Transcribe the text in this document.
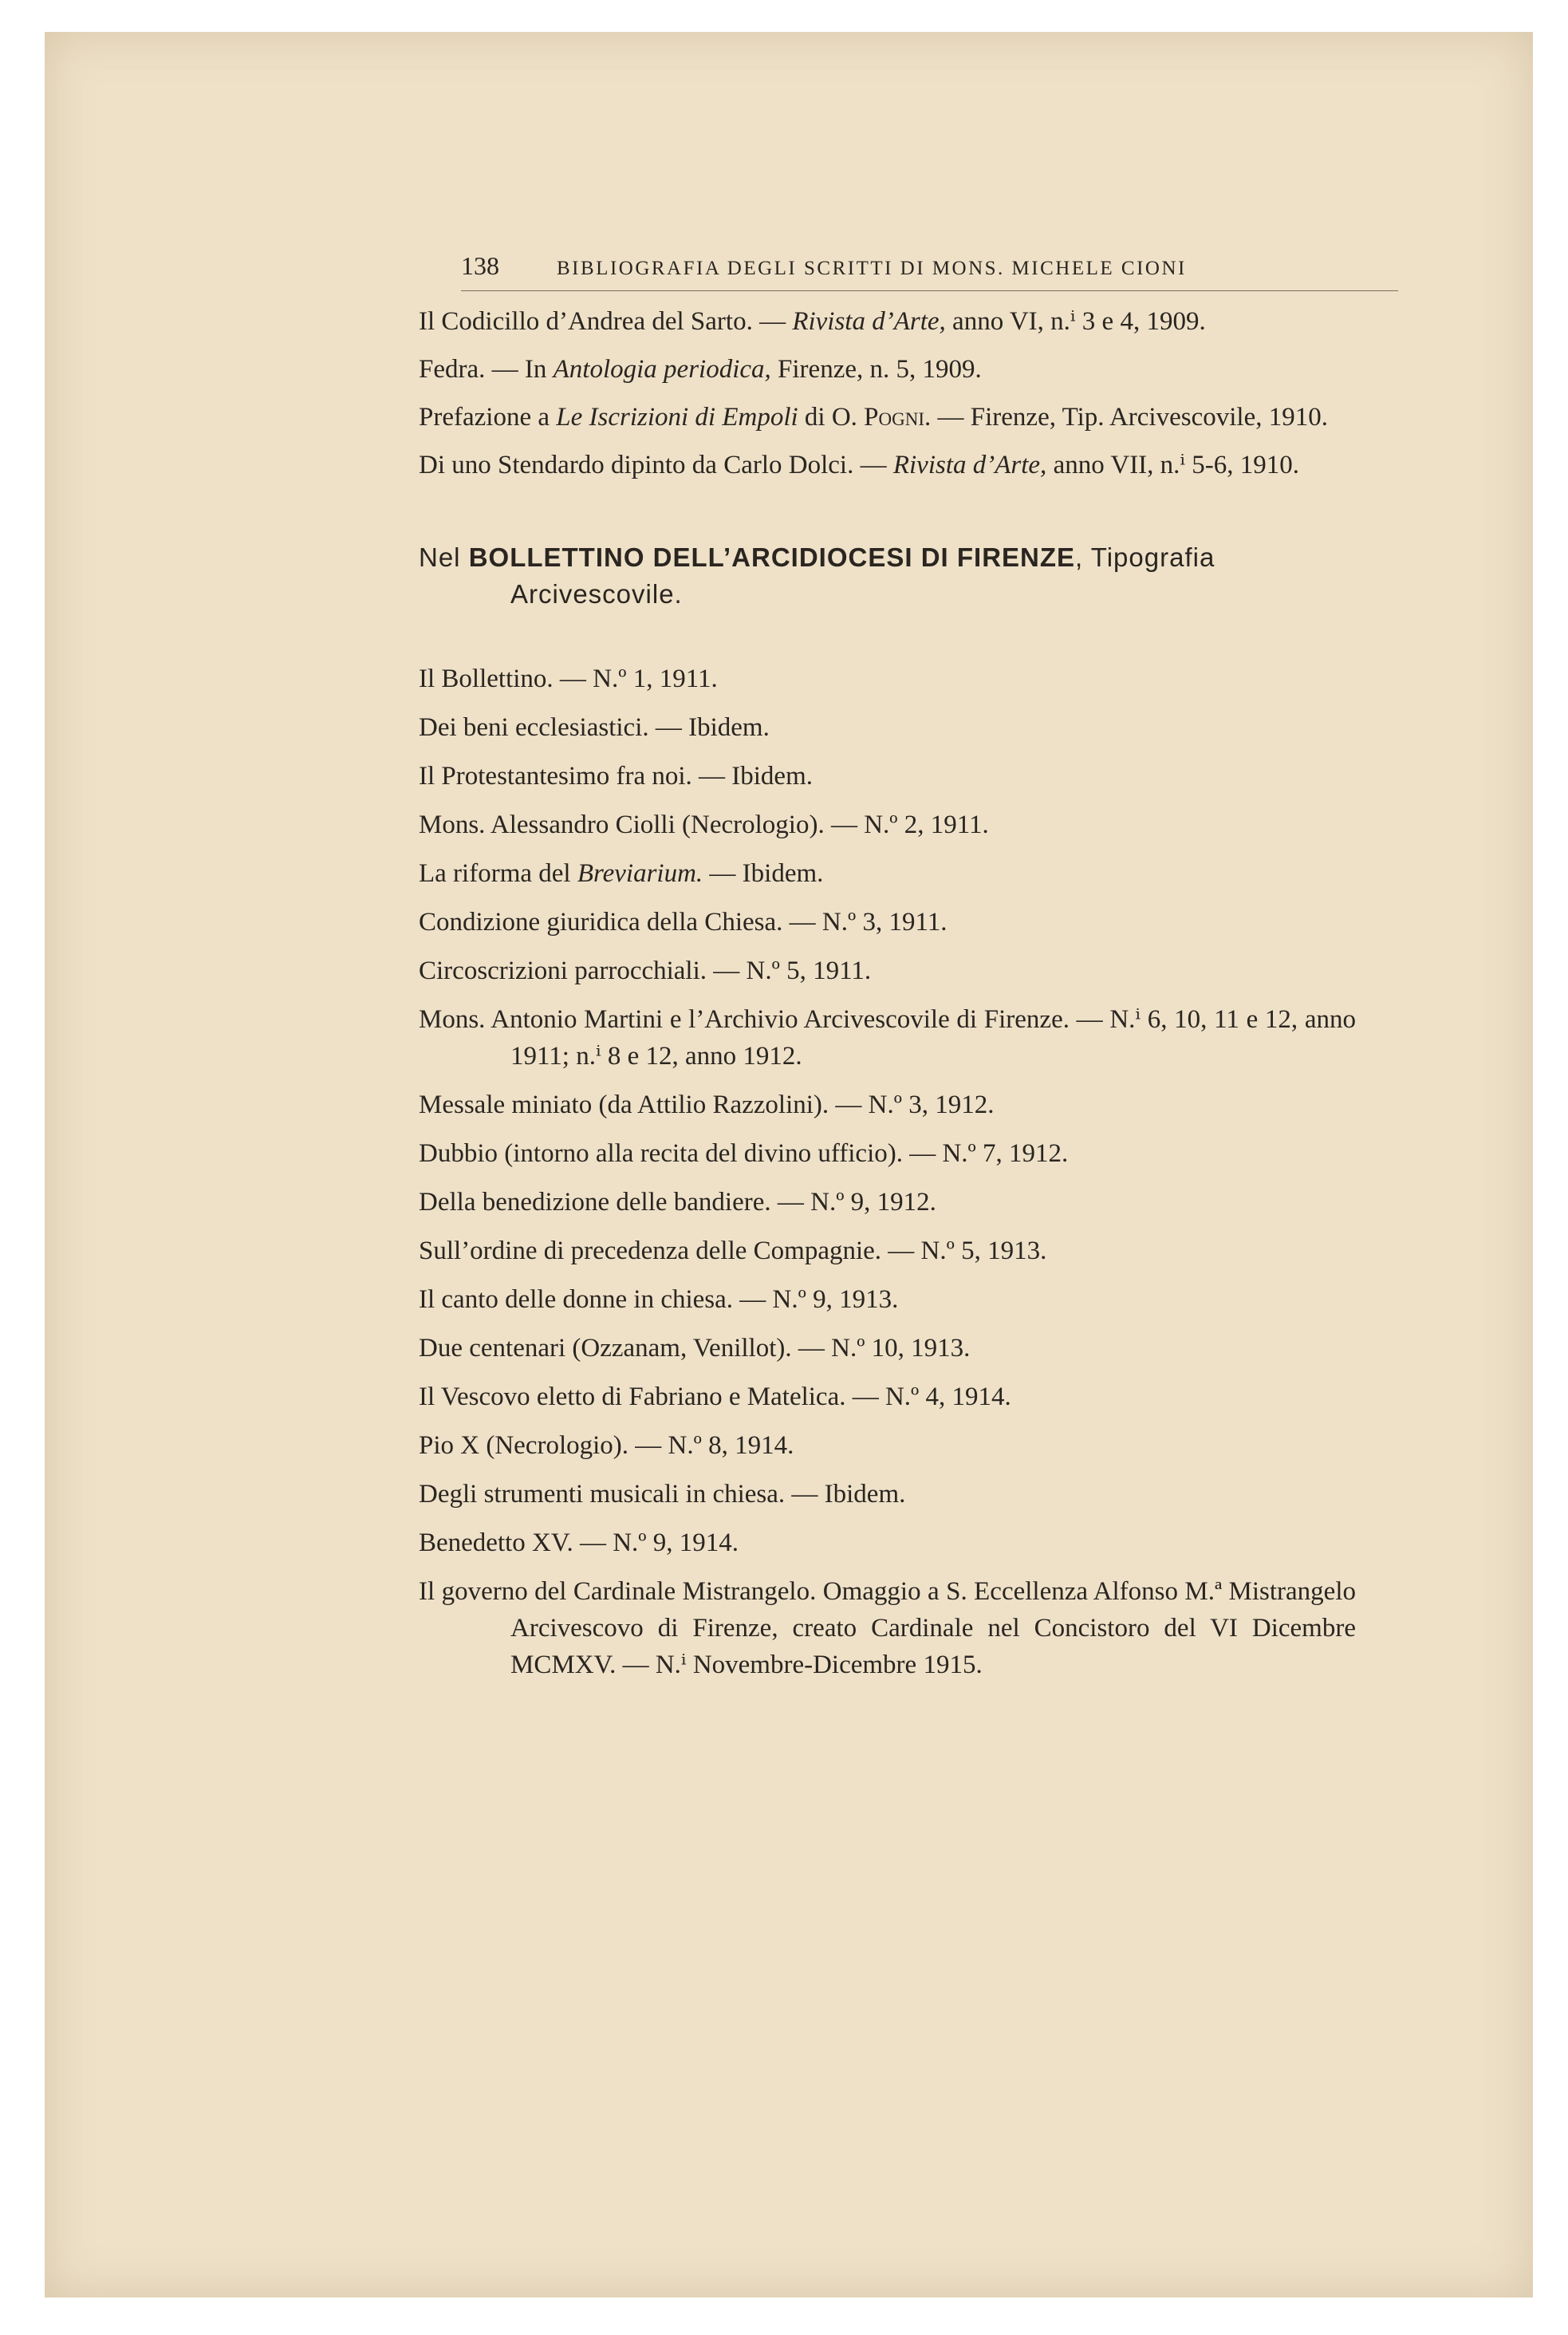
138	BIBLIOGRAFIA DEGLI SCRITTI DI MONS. MICHELE CIONI

Il Codicillo d’Andrea del Sarto. — Rivista d’Arte, anno VI, n.ⁱ 3 e 4, 1909.

Fedra. — In Antologia periodica, Firenze, n. 5, 1909.

Prefazione a Le Iscrizioni di Empoli di O. Pogni. — Firenze, Tip. Arcivescovile, 1910.

Di uno Stendardo dipinto da Carlo Dolci. — Rivista d’Arte, anno VII, n.ⁱ 5-6, 1910.

Nel BOLLETTINO DELL’ARCIDIOCESI DI FIRENZE, Tipografia Arcivescovile.

Il Bollettino. — N.º 1, 1911.

Dei beni ecclesiastici. — Ibidem.

Il Protestantesimo fra noi. — Ibidem.

Mons. Alessandro Ciolli (Necrologio). — N.º 2, 1911.

La riforma del Breviarium. — Ibidem.

Condizione giuridica della Chiesa. — N.º 3, 1911.

Circoscrizioni parrocchiali. — N.º 5, 1911.

Mons. Antonio Martini e l’Archivio Arcivescovile di Firenze. — N.ⁱ 6, 10, 11 e 12, anno 1911; n.ⁱ 8 e 12, anno 1912.

Messale miniato (da Attilio Razzolini). — N.º 3, 1912.

Dubbio (intorno alla recita del divino ufficio). — N.º 7, 1912.

Della benedizione delle bandiere. — N.º 9, 1912.

Sull’ordine di precedenza delle Compagnie. — N.º 5, 1913.

Il canto delle donne in chiesa. — N.º 9, 1913.

Due centenari (Ozzanam, Venillot). — N.º 10, 1913.

Il Vescovo eletto di Fabriano e Matelica. — N.º 4, 1914.

Pio X (Necrologio). — N.º 8, 1914.

Degli strumenti musicali in chiesa. — Ibidem.

Benedetto XV. — N.º 9, 1914.

Il governo del Cardinale Mistrangelo. Omaggio a S. Eccellenza Alfonso M.ª Mistrangelo Arcivescovo di Firenze, creato Cardinale nel Concistoro del VI Dicembre MCMXV. — N.ⁱ Novembre-Dicembre 1915.
